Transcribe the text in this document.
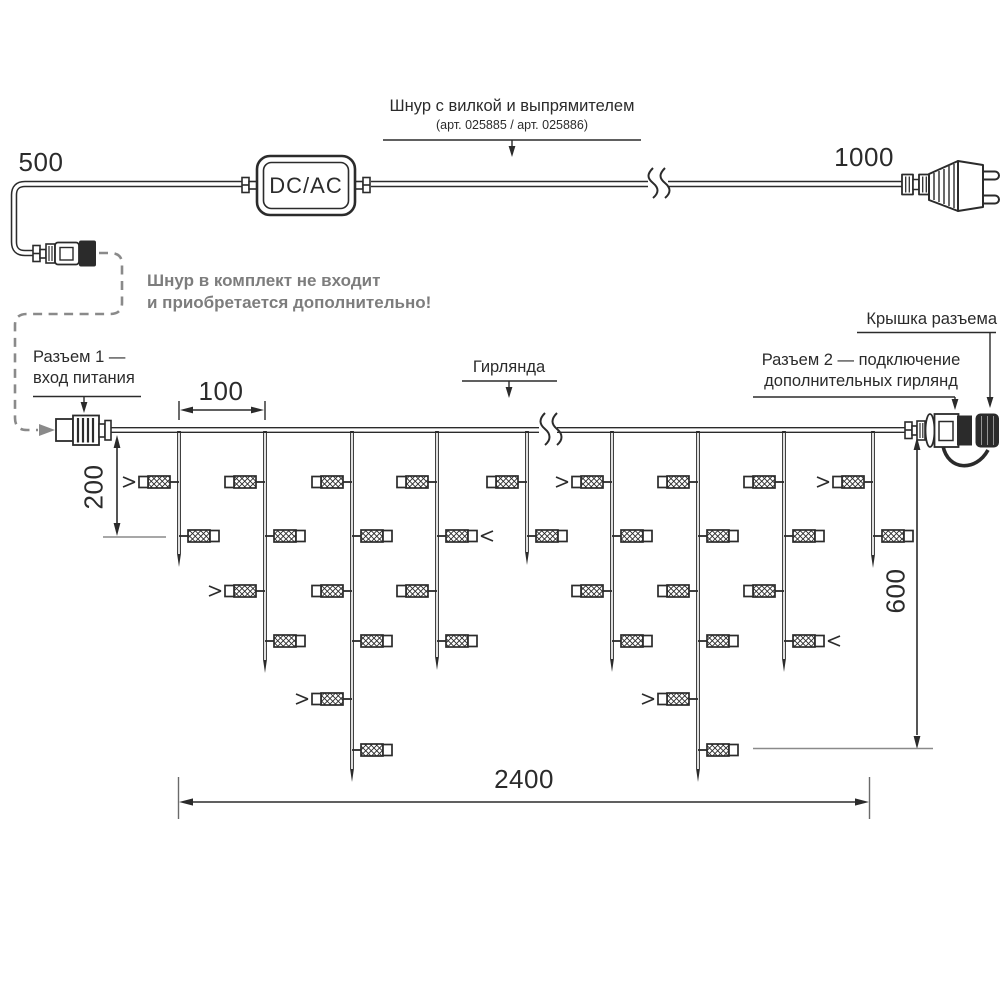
Шнур с вилкой и выпрямителем
(арт. 025885 / арт. 025886)
500	1000
100
200
600
2400
DC/AC
Шнур в комплект не входит
и приобретается дополнительно!
Разъем 1 —
вход питания
Гирлянда	Разъем 2 — подключение
дополнительных гирлянд
Крышка разъема
